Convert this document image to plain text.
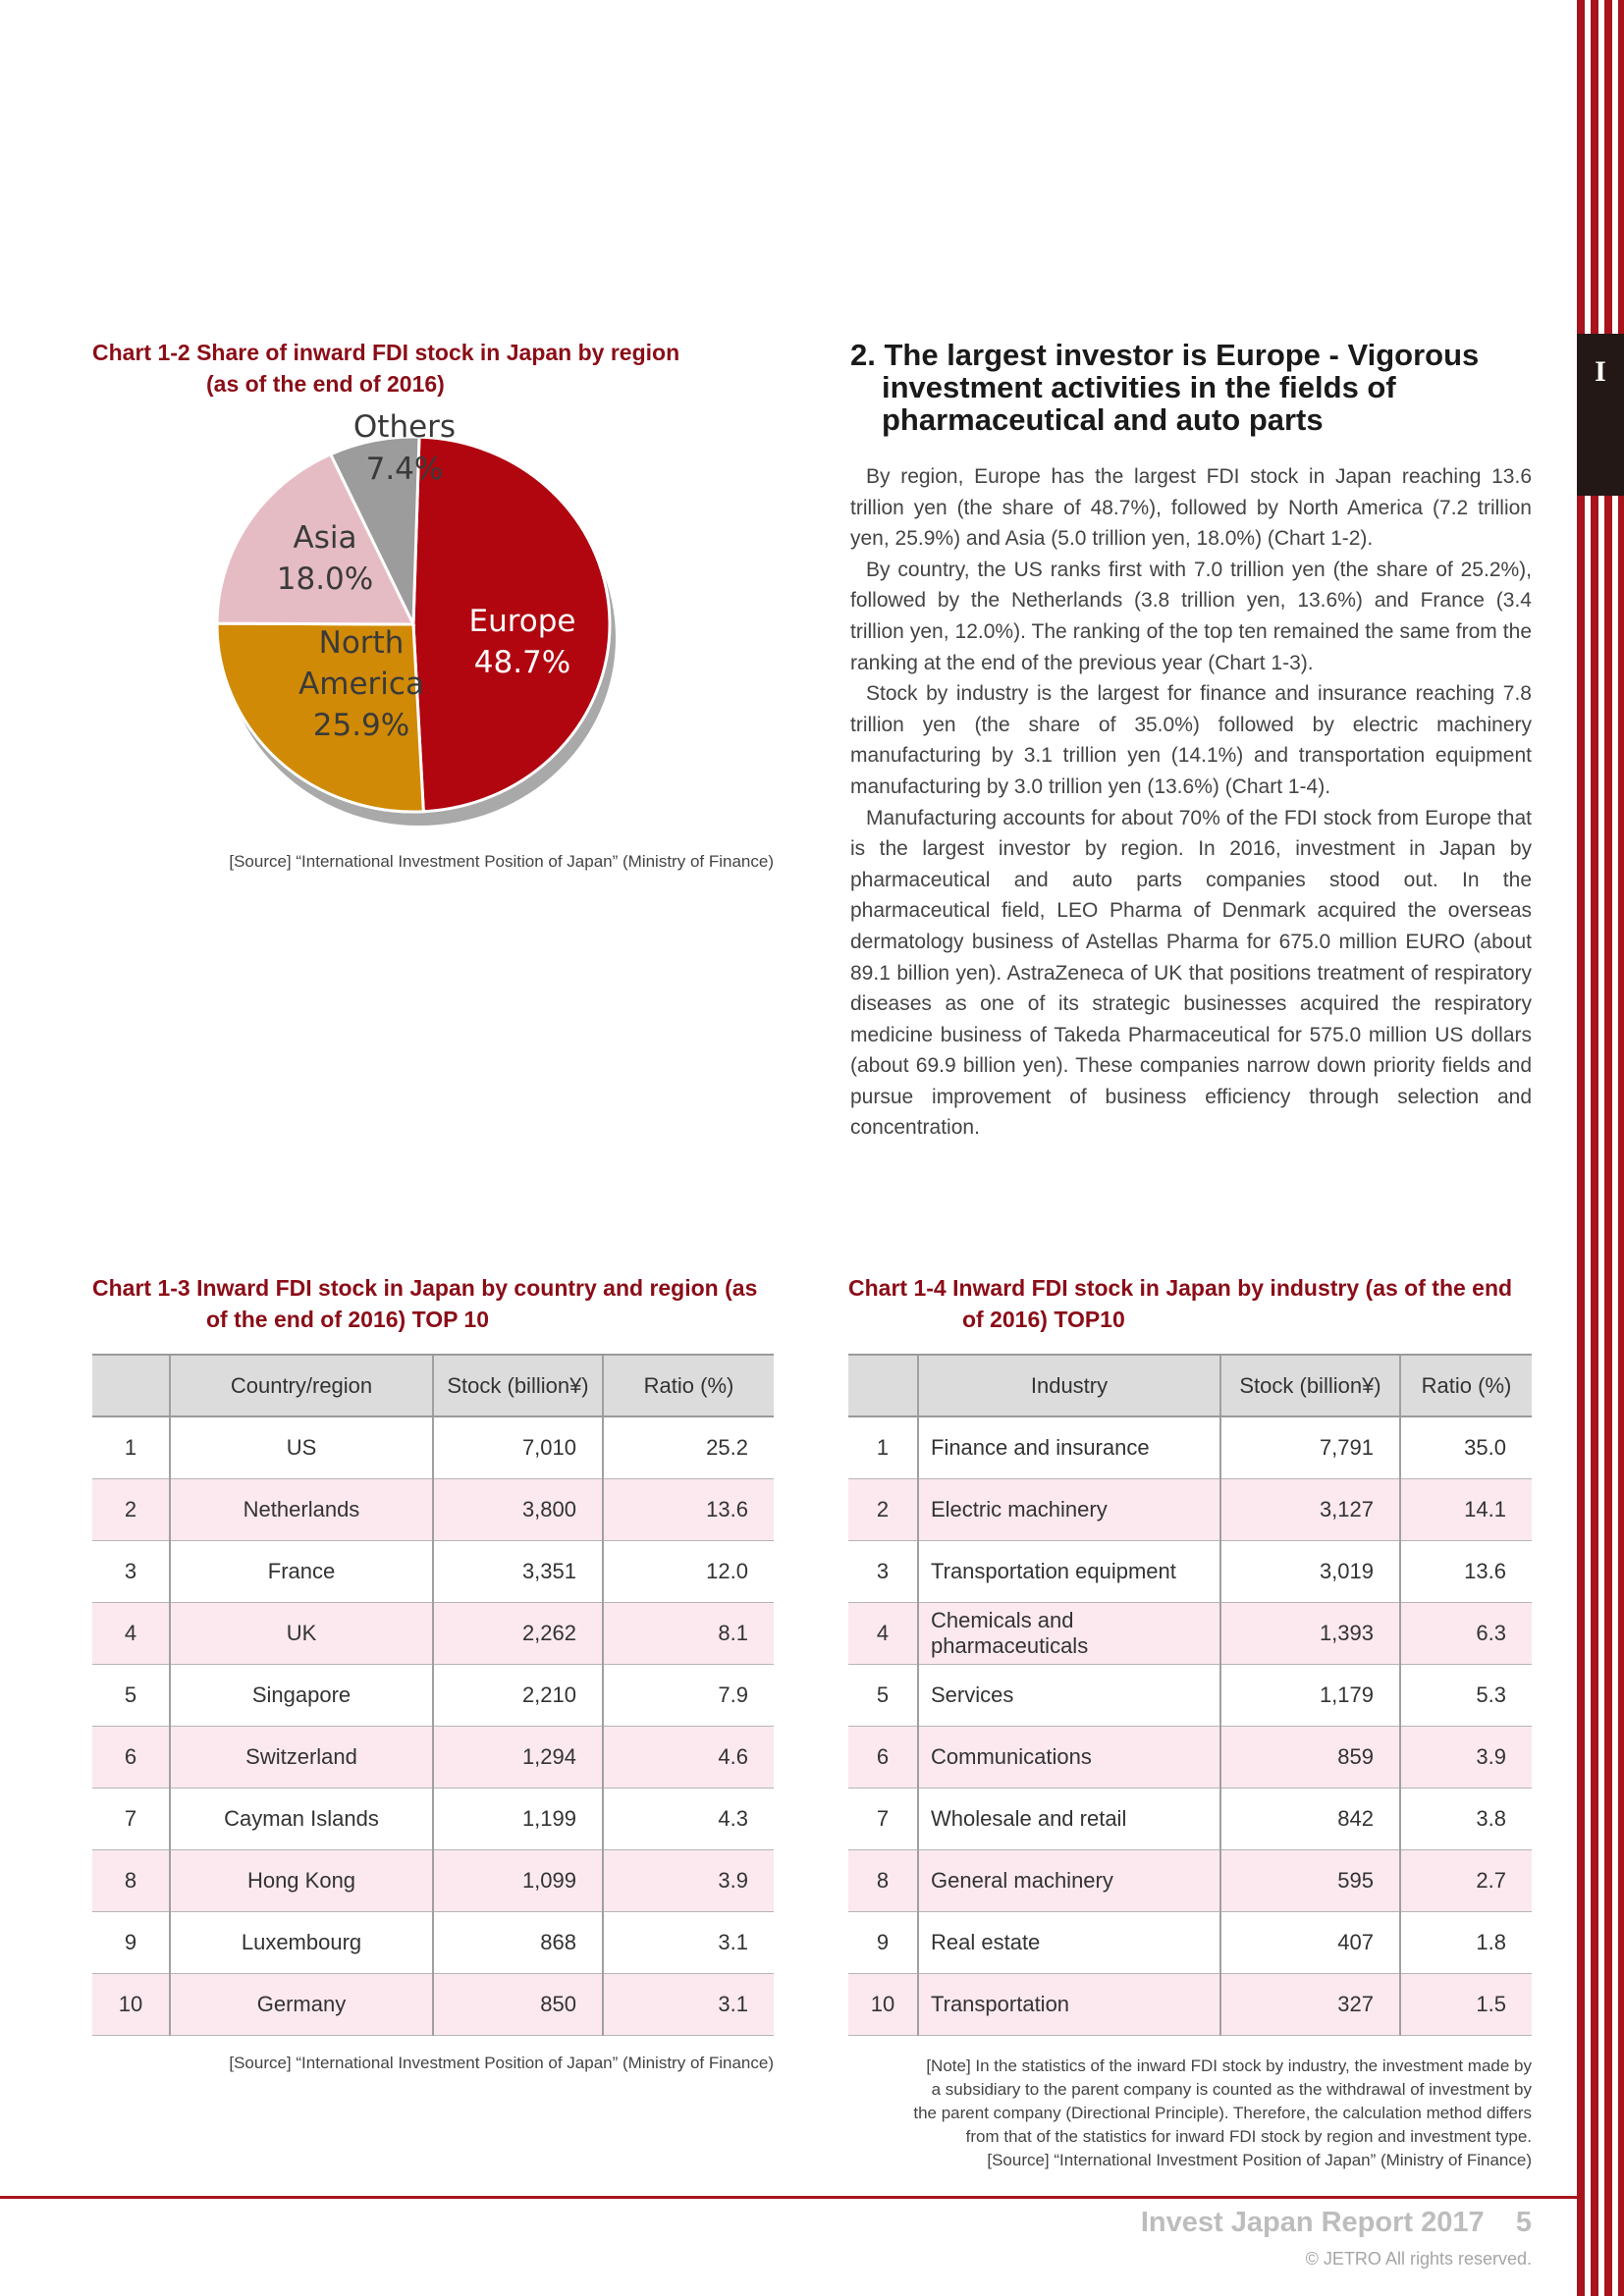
I
Chart 1-2 Share of inward FDI stock in Japan by region
(as of the end of 2016)
Others
7.4%
Asia
18.0%
Europe
48.7%
North
America
25.9%
[Source] “International Investment Position of Japan” (Ministry of Finance)
2. The largest investor is Europe - Vigorous
investment activities in the fields of
pharmaceutical and auto parts

By region, Europe has the largest FDI stock in Japan reaching 13.6 trillion yen (the share of 48.7%), followed by North America (7.2 trillion yen, 25.9%) and Asia (5.0 trillion yen, 18.0%) (Chart 1-2).

By country, the US ranks first with 7.0 trillion yen (the share of 25.2%), followed by the Netherlands (3.8 trillion yen, 13.6%) and France (3.4 trillion yen, 12.0%). The ranking of the top ten remained the same from the ranking at the end of the previous year (Chart 1-3).

Stock by industry is the largest for finance and insurance reaching 7.8 trillion yen (the share of 35.0%) followed by electric machinery manufacturing by 3.1 trillion yen (14.1%) and transportation equipment manufacturing by 3.0 trillion yen (13.6%) (Chart 1-4).

Manufacturing accounts for about 70% of the FDI stock from Europe that is the largest investor by region. In 2016, investment in Japan by pharmaceutical and auto parts companies stood out. In the pharmaceutical field, LEO Pharma of Denmark acquired the overseas dermatology business of Astellas Pharma for 675.0 million EURO (about 89.1 billion yen). AstraZeneca of UK that positions treatment of respiratory diseases as one of its strategic businesses acquired the respiratory medicine business of Takeda Pharmaceutical for 575.0 million US dollars (about 69.9 billion yen). These companies narrow down priority fields and pursue improvement of business efficiency through selection and concentration.

Chart 1-3 Inward FDI stock in Japan by country and region (as
of the end of 2016) TOP 10
	Country/region	Stock (billion¥)	Ratio (%)
1	US	7,010	25.2
2	Netherlands	3,800	13.6
3	France	3,351	12.0
4	UK	2,262	8.1
5	Singapore	2,210	7.9
6	Switzerland	1,294	4.6
7	Cayman Islands	1,199	4.3
8	Hong Kong	1,099	3.9
9	Luxembourg	868	3.1
10	Germany	850	3.1
[Source] “International Investment Position of Japan” (Ministry of Finance)
Chart 1-4 Inward FDI stock in Japan by industry (as of the end
of 2016) TOP10
	Industry	Stock (billion¥)	Ratio (%)
1	Finance and insurance	7,791	35.0
2	Electric machinery	3,127	14.1
3	Transportation equipment	3,019	13.6
4	Chemicals and pharmaceuticals	1,393	6.3
5	Services	1,179	5.3
6	Communications	859	3.9
7	Wholesale and retail	842	3.8
8	General machinery	595	2.7
9	Real estate	407	1.8
10	Transportation	327	1.5
[Note] In the statistics of the inward FDI stock by industry, the investment made by
a subsidiary to the parent company is counted as the withdrawal of investment by
the parent company (Directional Principle). Therefore, the calculation method differs
from that of the statistics for inward FDI stock by region and investment type.
[Source] “International Investment Position of Japan” (Ministry of Finance)
Invest Japan Report 2017 5
© JETRO All rights reserved.
